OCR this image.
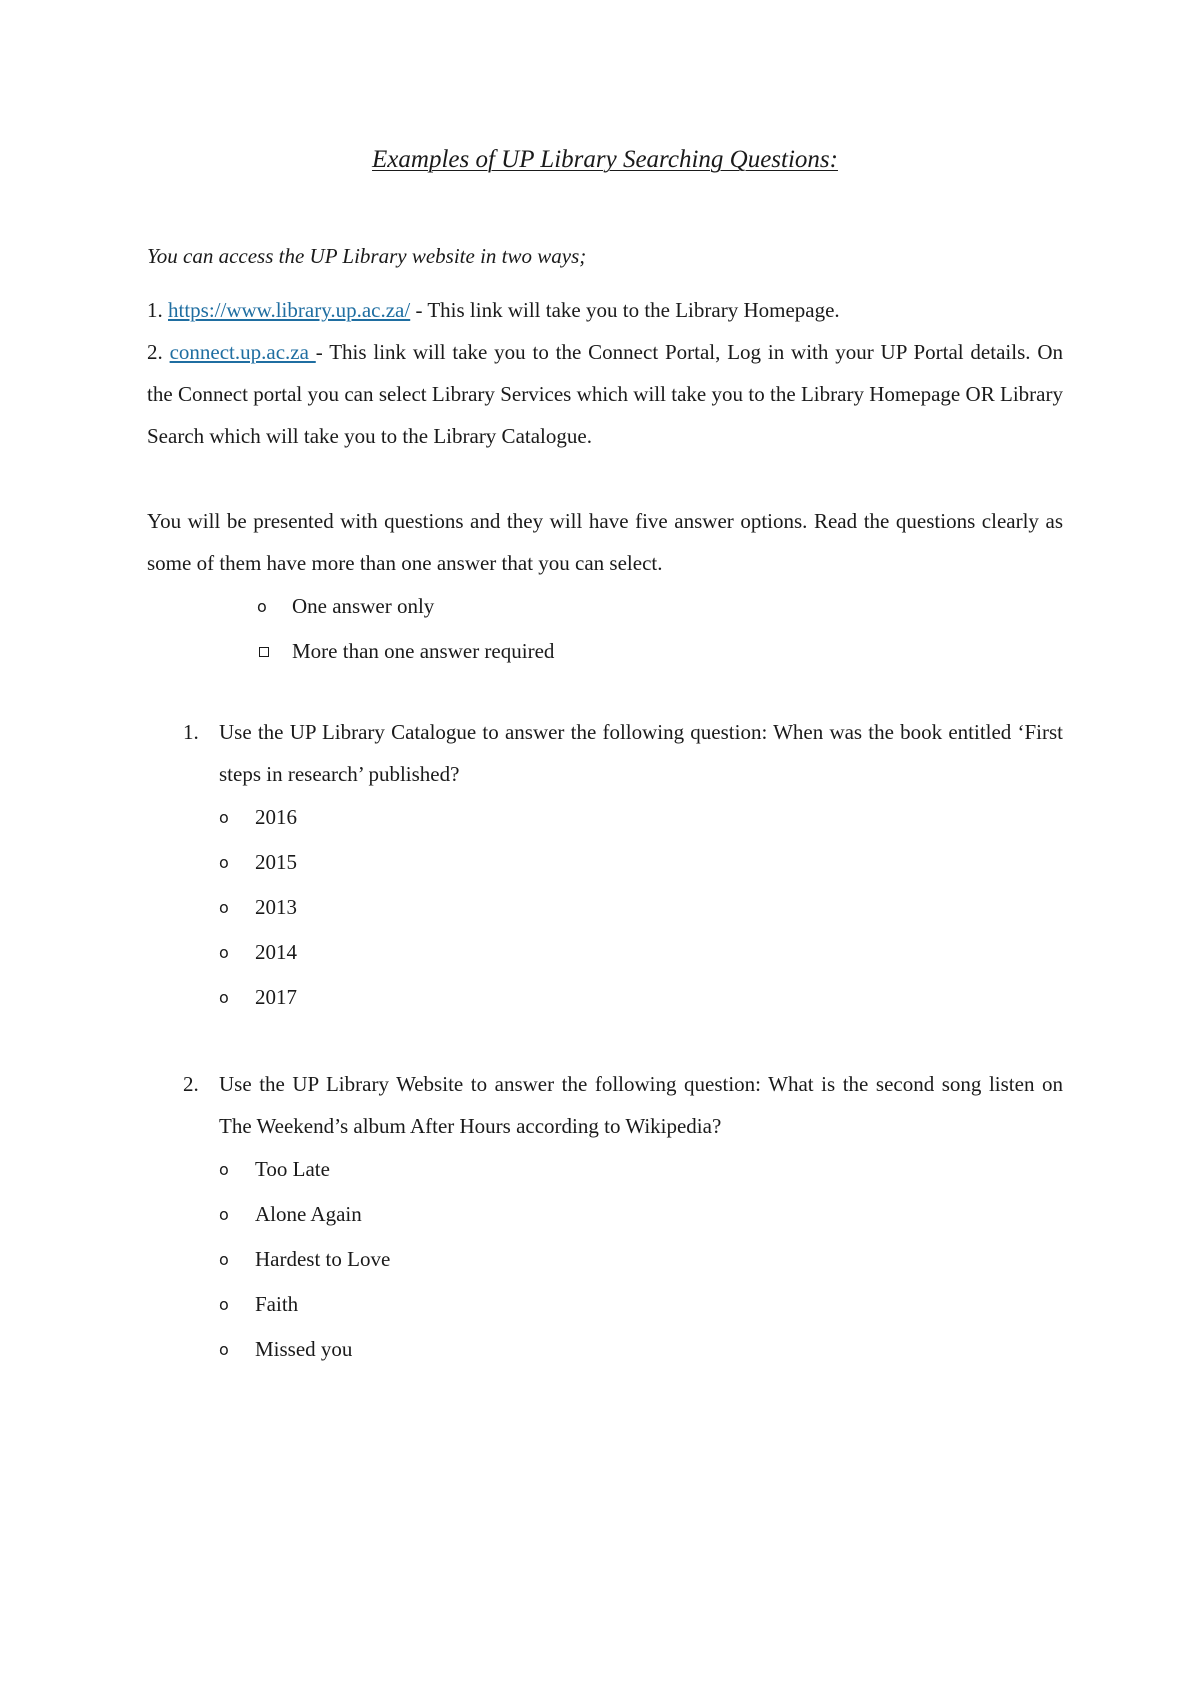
Examples of UP Library Searching Questions:

You can access the UP Library website in two ways;

1. https://www.library.up.ac.za/ - This link will take you to the Library Homepage.

2. connect.up.ac.za - This link will take you to the Connect Portal, Log in with your UP Portal details. On the Connect portal you can select Library Services which will take you to the Library Homepage OR Library Search which will take you to the Library Catalogue.

You will be presented with questions and they will have five answer options. Read the questions clearly as some of them have more than one answer that you can select.

o	One answer only
More than one answer required
1. Use the UP Library Catalogue to answer the following question: When was the book entitled ‘First steps in research’ published?
o	2016
o	2015
o	2013
o	2014
o	2017
2. Use the UP Library Website to answer the following question: What is the second song listen on The Weekend’s album After Hours according to Wikipedia?
o	Too Late
o	Alone Again
o	Hardest to Love
o	Faith
o	Missed you
